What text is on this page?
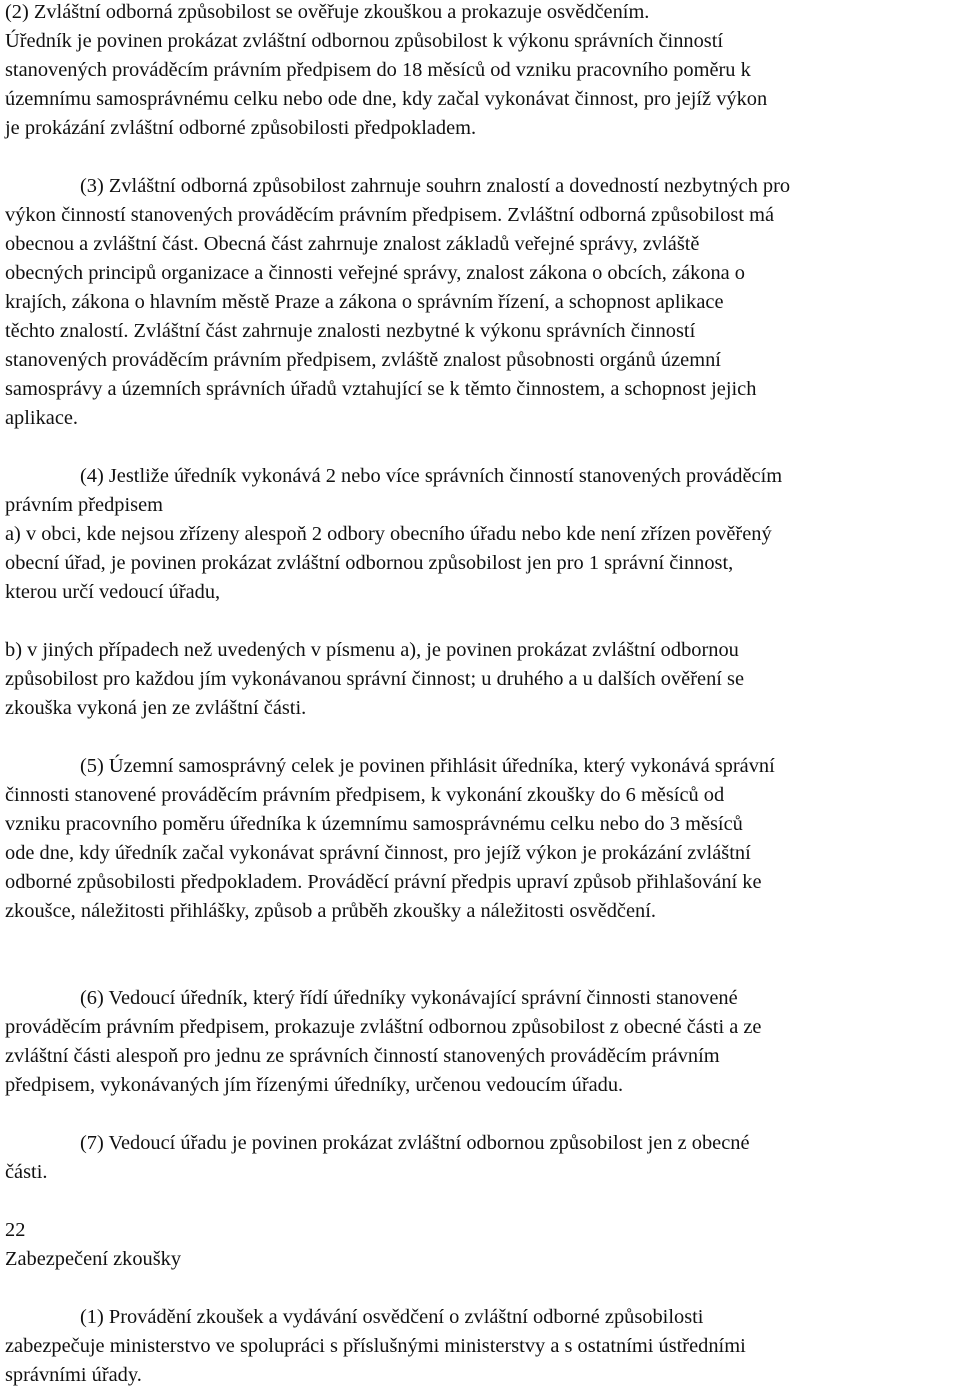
(2) Zvláštní odborná způsobilost se ověřuje zkouškou a prokazuje osvědčením.
Úředník je povinen prokázat zvláštní odbornou způsobilost k výkonu správních činností
stanovených prováděcím právním předpisem do 18 měsíců od vzniku pracovního poměru k
územnímu samosprávnému celku nebo ode dne, kdy začal vykonávat činnost, pro jejíž výkon
je prokázání zvláštní odborné způsobilosti předpokladem.
(3) Zvláštní odborná způsobilost zahrnuje souhrn znalostí a dovedností nezbytných pro
výkon činností stanovených prováděcím právním předpisem. Zvláštní odborná způsobilost má
obecnou a zvláštní část. Obecná část zahrnuje znalost základů veřejné správy, zvláště
obecných principů organizace a činnosti veřejné správy, znalost zákona o obcích, zákona o
krajích, zákona o hlavním městě Praze a zákona o správním řízení, a schopnost aplikace
těchto znalostí. Zvláštní část zahrnuje znalosti nezbytné k výkonu správních činností
stanovených prováděcím právním předpisem, zvláště znalost působnosti orgánů územní
samosprávy a územních správních úřadů vztahující se k těmto činnostem, a schopnost jejich
aplikace.
(4) Jestliže úředník vykonává 2 nebo více správních činností stanovených prováděcím
právním předpisem
a) v obci, kde nejsou zřízeny alespoň 2 odbory obecního úřadu nebo kde není zřízen pověřený
obecní úřad, je povinen prokázat zvláštní odbornou způsobilost jen pro 1 správní činnost,
kterou určí vedoucí úřadu,
b) v jiných případech než uvedených v písmenu a), je povinen prokázat zvláštní odbornou
způsobilost pro každou jím vykonávanou správní činnost; u druhého a u dalších ověření se
zkouška vykoná jen ze zvláštní části.
(5) Územní samosprávný celek je povinen přihlásit úředníka, který vykonává správní
činnosti stanovené prováděcím právním předpisem, k vykonání zkoušky do 6 měsíců od
vzniku pracovního poměru úředníka k územnímu samosprávnému celku nebo do 3 měsíců
ode dne, kdy úředník začal vykonávat správní činnost, pro jejíž výkon je prokázání zvláštní
odborné způsobilosti předpokladem. Prováděcí právní předpis upraví způsob přihlašování ke
zkoušce, náležitosti přihlášky, způsob a průběh zkoušky a náležitosti osvědčení.
(6) Vedoucí úředník, který řídí úředníky vykonávající správní činnosti stanovené
prováděcím právním předpisem, prokazuje zvláštní odbornou způsobilost z obecné části a ze
zvláštní části alespoň pro jednu ze správních činností stanovených prováděcím právním
předpisem, vykonávaných jím řízenými úředníky, určenou vedoucím úřadu.
(7) Vedoucí úřadu je povinen prokázat zvláštní odbornou způsobilost jen z obecné
části.
22
Zabezpečení zkoušky
(1) Provádění zkoušek a vydávání osvědčení o zvláštní odborné způsobilosti
zabezpečuje ministerstvo ve spolupráci s příslušnými ministerstvy a s ostatními ústředními
správními úřady.
